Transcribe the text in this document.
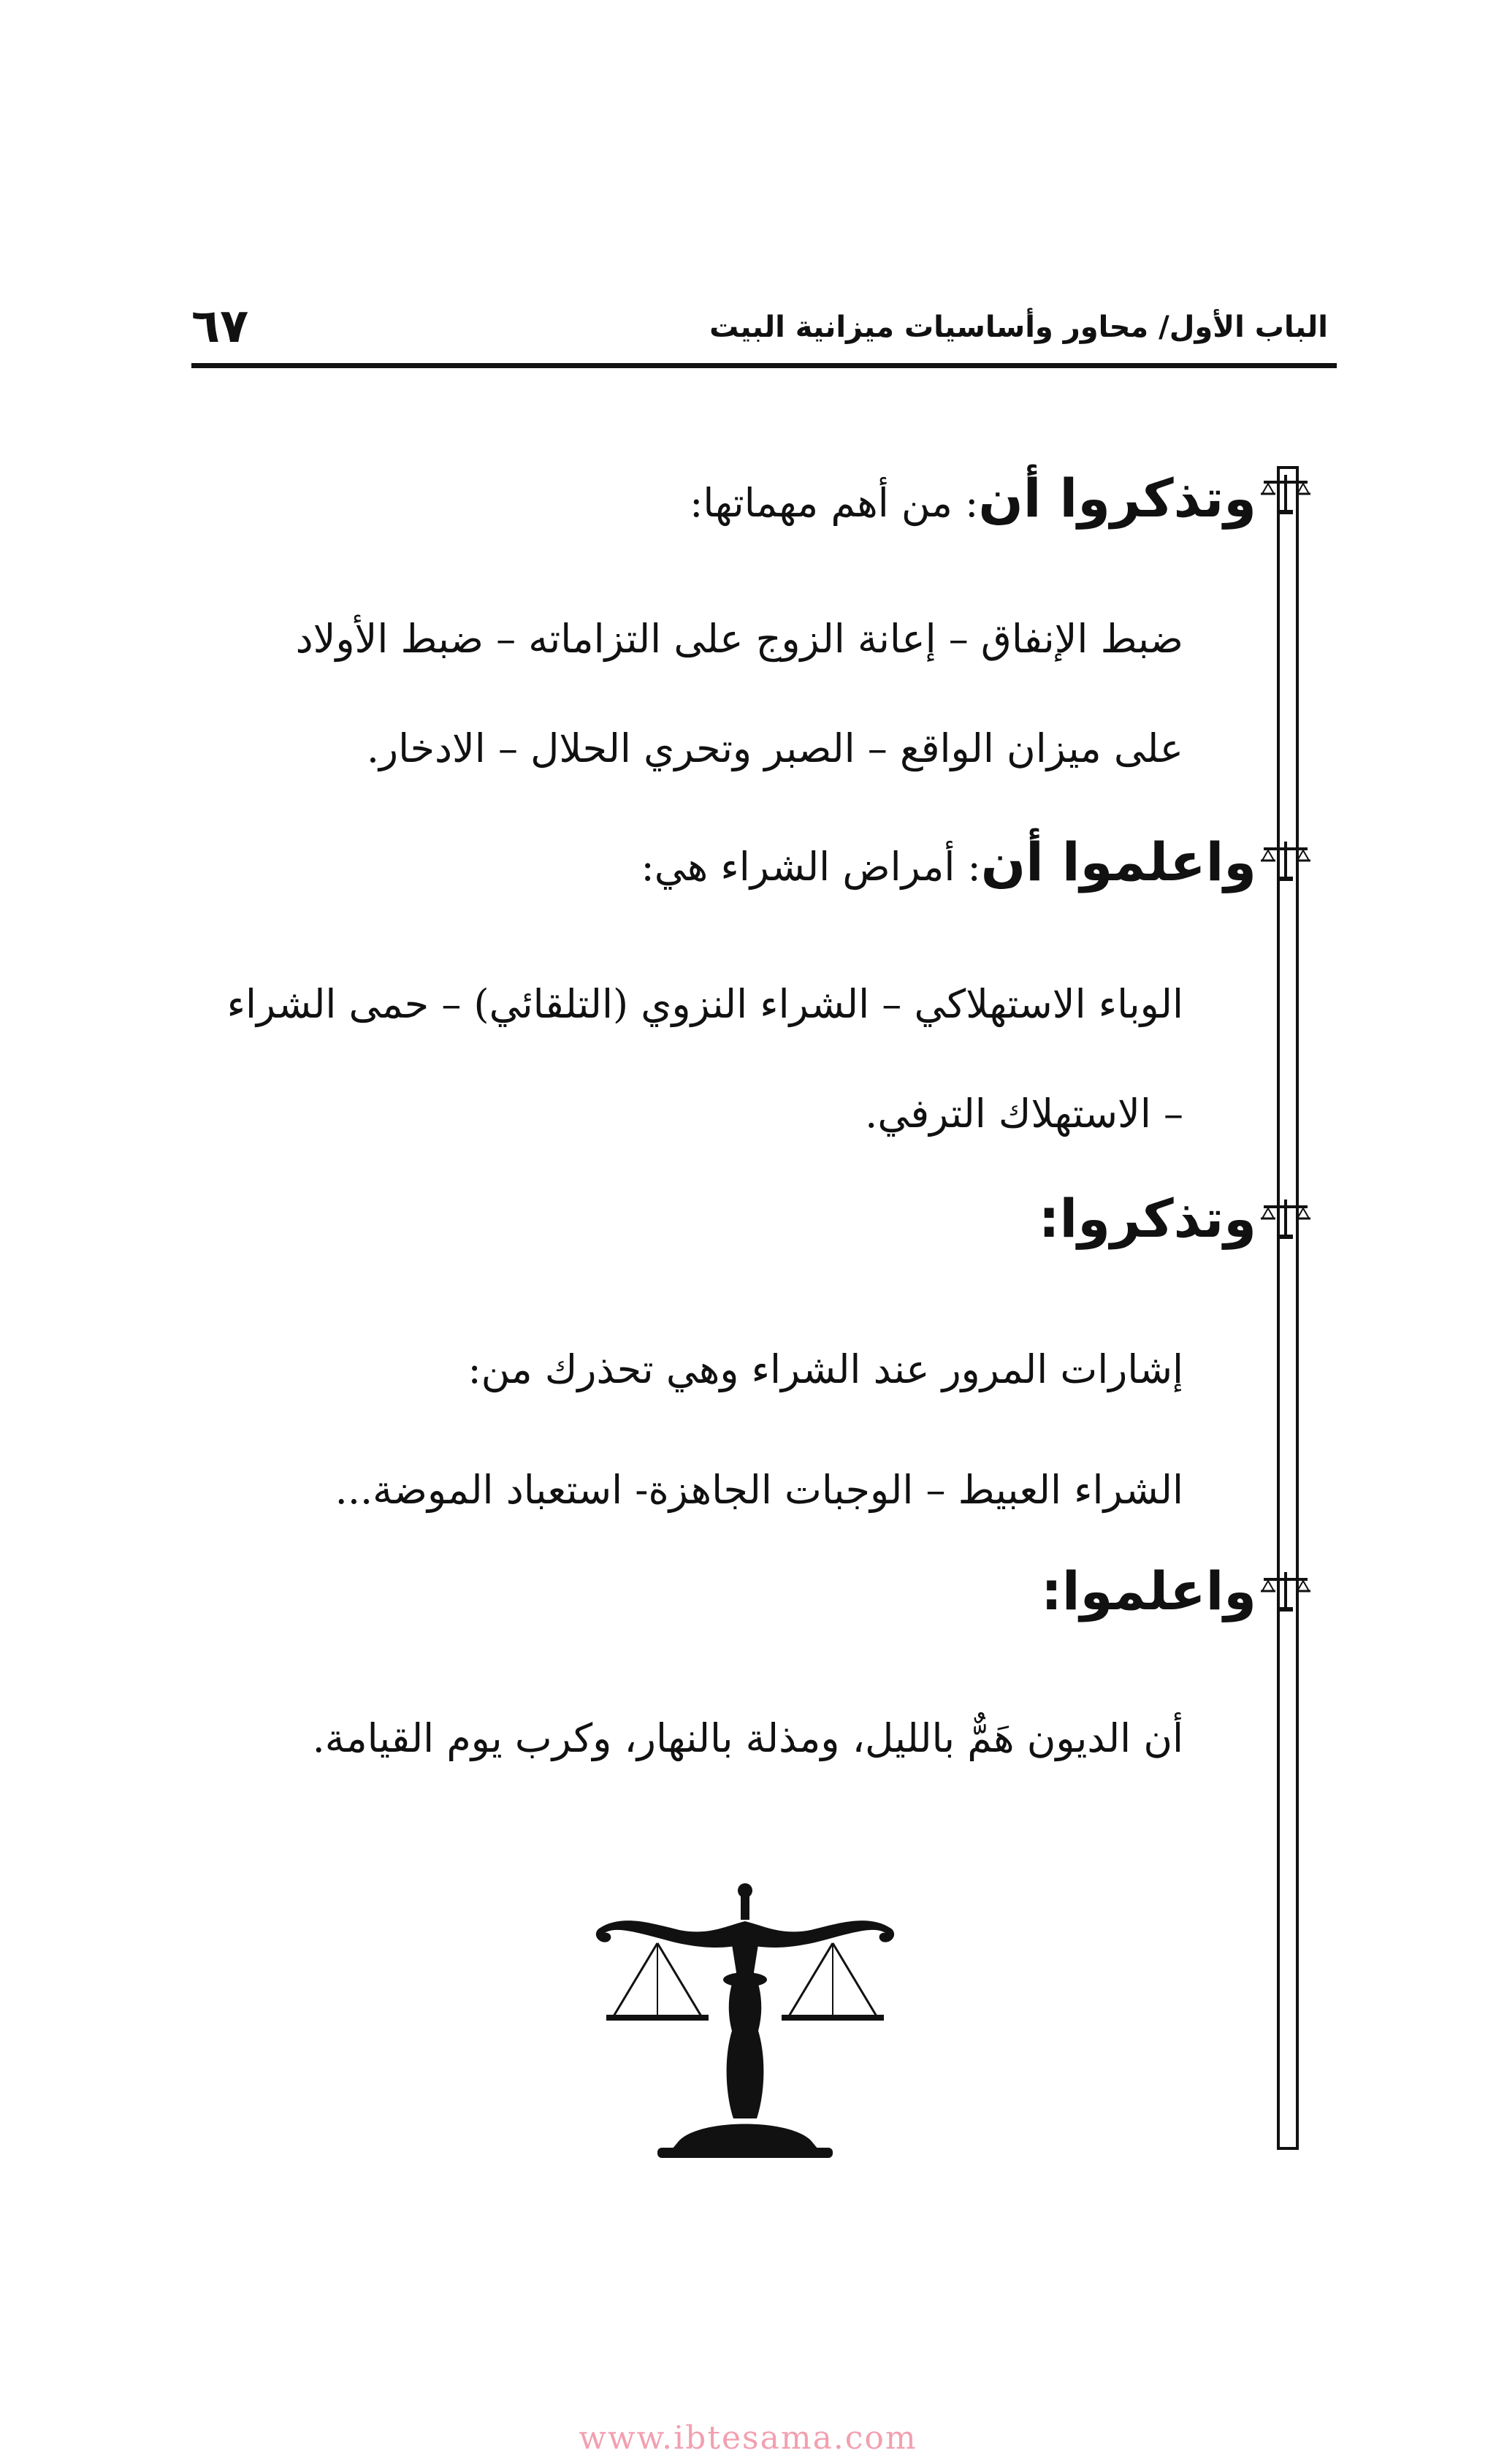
الباب الأول/ محاور وأساسيات ميزانية البيت
٦٧
وتذكروا أن: من أهم مهماتها:
ضبط الإنفاق – إعانة الزوج على التزاماته – ضبط الأولاد
على ميزان الواقع – الصبر وتحري الحلال – الادخار.
واعلموا أن: أمراض الشراء هي:
الوباء الاستهلاكي – الشراء النزوي (التلقائي) – حمى الشراء
– الاستهلاك الترفي.
وتذكروا:
إشارات المرور عند الشراء وهي تحذرك من:
الشراء العبيط – الوجبات الجاهزة- استعباد الموضة...
واعلموا:
أن الديون هَمٌّ بالليل، ومذلة بالنهار، وكرب يوم القيامة.
www.ibtesama.com
